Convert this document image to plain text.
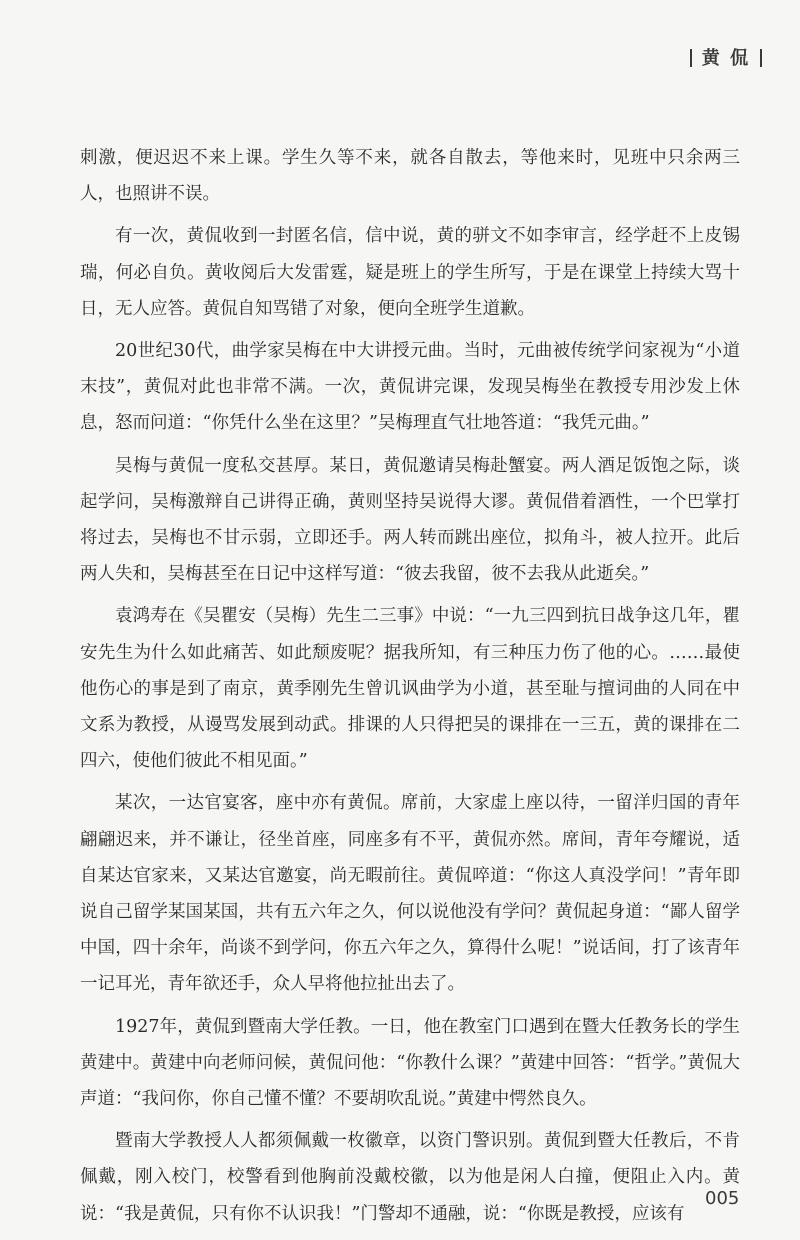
黄 侃

刺激，便迟迟不来上课。学生久等不来，就各自散去，等他来时，见班中只余两三人，也照讲不误。

有一次，黄侃收到一封匿名信，信中说，黄的骈文不如李审言，经学赶不上皮锡瑞，何必自负。黄收阅后大发雷霆，疑是班上的学生所写，于是在课堂上持续大骂十日，无人应答。黄侃自知骂错了对象，便向全班学生道歉。

20世纪30代，曲学家吴梅在中大讲授元曲。当时，元曲被传统学问家视为“小道末技”，黄侃对此也非常不满。一次，黄侃讲完课，发现吴梅坐在教授专用沙发上休息，怒而问道：“你凭什么坐在这里？”吴梅理直气壮地答道：“我凭元曲。”

吴梅与黄侃一度私交甚厚。某日，黄侃邀请吴梅赴蟹宴。两人酒足饭饱之际，谈起学问，吴梅激辩自己讲得正确，黄则坚持吴说得大谬。黄侃借着酒性，一个巴掌打将过去，吴梅也不甘示弱，立即还手。两人转而跳出座位，拟角斗，被人拉开。此后两人失和，吴梅甚至在日记中这样写道：“彼去我留，彼不去我从此逝矣。”

袁鸿寿在《吴瞿安（吴梅）先生二三事》中说：“一九三四到抗日战争这几年，瞿安先生为什么如此痛苦、如此颓废呢？据我所知，有三种压力伤了他的心。……最使他伤心的事是到了南京，黄季刚先生曾讥讽曲学为小道，甚至耻与擅词曲的人同在中文系为教授，从谩骂发展到动武。排课的人只得把吴的课排在一三五，黄的课排在二四六，使他们彼此不相见面。”

某次，一达官宴客，座中亦有黄侃。席前，大家虚上座以待，一留洋归国的青年翩翩迟来，并不谦让，径坐首座，同座多有不平，黄侃亦然。席间，青年夸耀说，适自某达官家来，又某达官邀宴，尚无暇前往。黄侃啐道：“你这人真没学问！”青年即说自己留学某国某国，共有五六年之久，何以说他没有学问？黄侃起身道：“鄙人留学中国，四十余年，尚谈不到学问，你五六年之久，算得什么呢！”说话间，打了该青年一记耳光，青年欲还手，众人早将他拉扯出去了。

1927年，黄侃到暨南大学任教。一日，他在教室门口遇到在暨大任教务长的学生黄建中。黄建中向老师问候，黄侃问他：“你教什么课？”黄建中回答：“哲学。”黄侃大声道：“我问你，你自己懂不懂？不要胡吹乱说。”黄建中愕然良久。

暨南大学教授人人都须佩戴一枚徽章，以资门警识别。黄侃到暨大任教后，不肯佩戴，刚入校门，校警看到他胸前没戴校徽，以为他是闲人白撞，便阻止入内。黄说：“我是黄侃，只有你不认识我！”门警却不通融，说：“你既是教授，应该有

005
